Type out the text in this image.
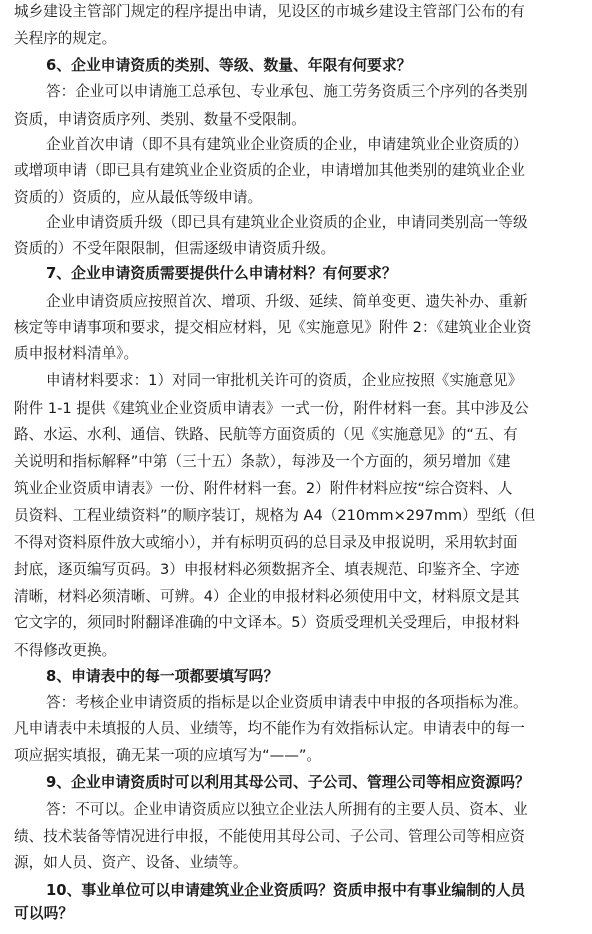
城乡建设主管部门规定的程序提出申请，见设区的市城乡建设主管部门公布的有
关程序的规定。
6、企业申请资质的类别、等级、数量、年限有何要求？
答：企业可以申请施工总承包、专业承包、施工劳务资质三个序列的各类别
资质，申请资质序列、类别、数量不受限制。
企业首次申请（即不具有建筑业企业资质的企业，申请建筑业企业资质的）
或增项申请（即已具有建筑业企业资质的企业，申请增加其他类别的建筑业企业
资质的）资质的，应从最低等级申请。
企业申请资质升级（即已具有建筑业企业资质的企业，申请同类别高一等级
资质的）不受年限限制，但需逐级申请资质升级。
7、企业申请资质需要提供什么申请材料？有何要求？
企业申请资质应按照首次、增项、升级、延续、简单变更、遗失补办、重新
核定等申请事项和要求，提交相应材料，见《实施意见》附件 2：《建筑业企业资
质申报材料清单》。
申请材料要求：1）对同一审批机关许可的资质，企业应按照《实施意见》
附件 1-1 提供《建筑业企业资质申请表》一式一份，附件材料一套。其中涉及公
路、水运、水利、通信、铁路、民航等方面资质的（见《实施意见》的“五、有
关说明和指标解释”中第（三十五）条款），每涉及一个方面的，须另增加《建
筑业企业资质申请表》一份、附件材料一套。2）附件材料应按“综合资料、人
员资料、工程业绩资料”的顺序装订，规格为 A4（210mm×297mm）型纸（但
不得对资料原件放大或缩小），并有标明页码的总目录及申报说明，采用软封面
封底，逐页编写页码。3）申报材料必须数据齐全、填表规范、印鉴齐全、字迹
清晰，材料必须清晰、可辨。4）企业的申报材料必须使用中文，材料原文是其
它文字的，须同时附翻译准确的中文译本。5）资质受理机关受理后，申报材料
不得修改更换。
8、申请表中的每一项都要填写吗？
答：考核企业申请资质的指标是以企业资质申请表中申报的各项指标为准。
凡申请表中未填报的人员、业绩等，均不能作为有效指标认定。申请表中的每一
项应据实填报，确无某一项的应填写为“——”。
9、企业申请资质时可以利用其母公司、子公司、管理公司等相应资源吗？
答：不可以。企业申请资质应以独立企业法人所拥有的主要人员、资本、业
绩、技术装备等情况进行申报，不能使用其母公司、子公司、管理公司等相应资
源，如人员、资产、设备、业绩等。
10、事业单位可以申请建筑业企业资质吗？资质申报中有事业编制的人员
可以吗？
